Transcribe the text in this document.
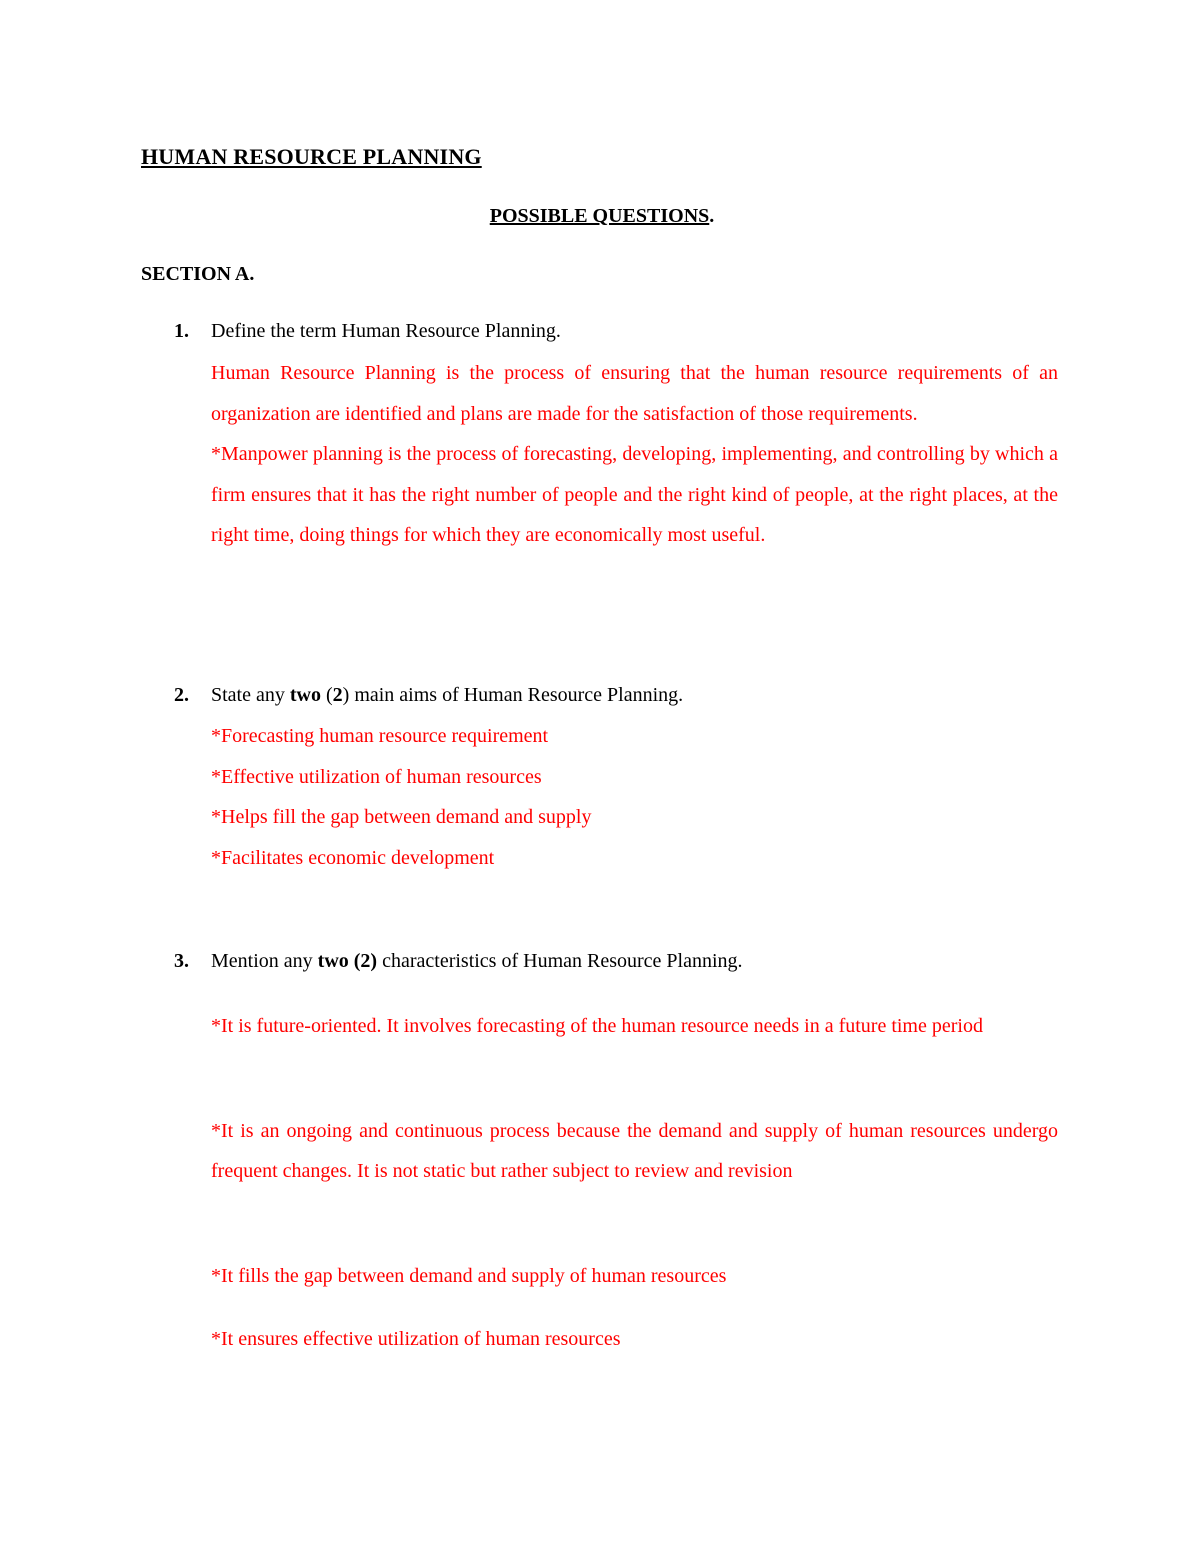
HUMAN RESOURCE PLANNING
POSSIBLE QUESTIONS.
SECTION A.
1. Define the term Human Resource Planning.

Human Resource Planning is the process of ensuring that the human resource requirements of an organization are identified and plans are made for the satisfaction of those requirements.

*Manpower planning is the process of forecasting, developing, implementing, and controlling by which a firm ensures that it has the right number of people and the right kind of people, at the right places, at the right time, doing things for which they are economically most useful.

2. State any two (2) main aims of Human Resource Planning.

*Forecasting human resource requirement

*Effective utilization of human resources

*Helps fill the gap between demand and supply

*Facilitates economic development

3. Mention any two (2) characteristics of Human Resource Planning.
*It is future-oriented. It involves forecasting of the human resource needs in a future time period
*It is an ongoing and continuous process because the demand and supply of human resources undergo frequent changes. It is not static but rather subject to review and revision
*It fills the gap between demand and supply of human resources
*It ensures effective utilization of human resources
